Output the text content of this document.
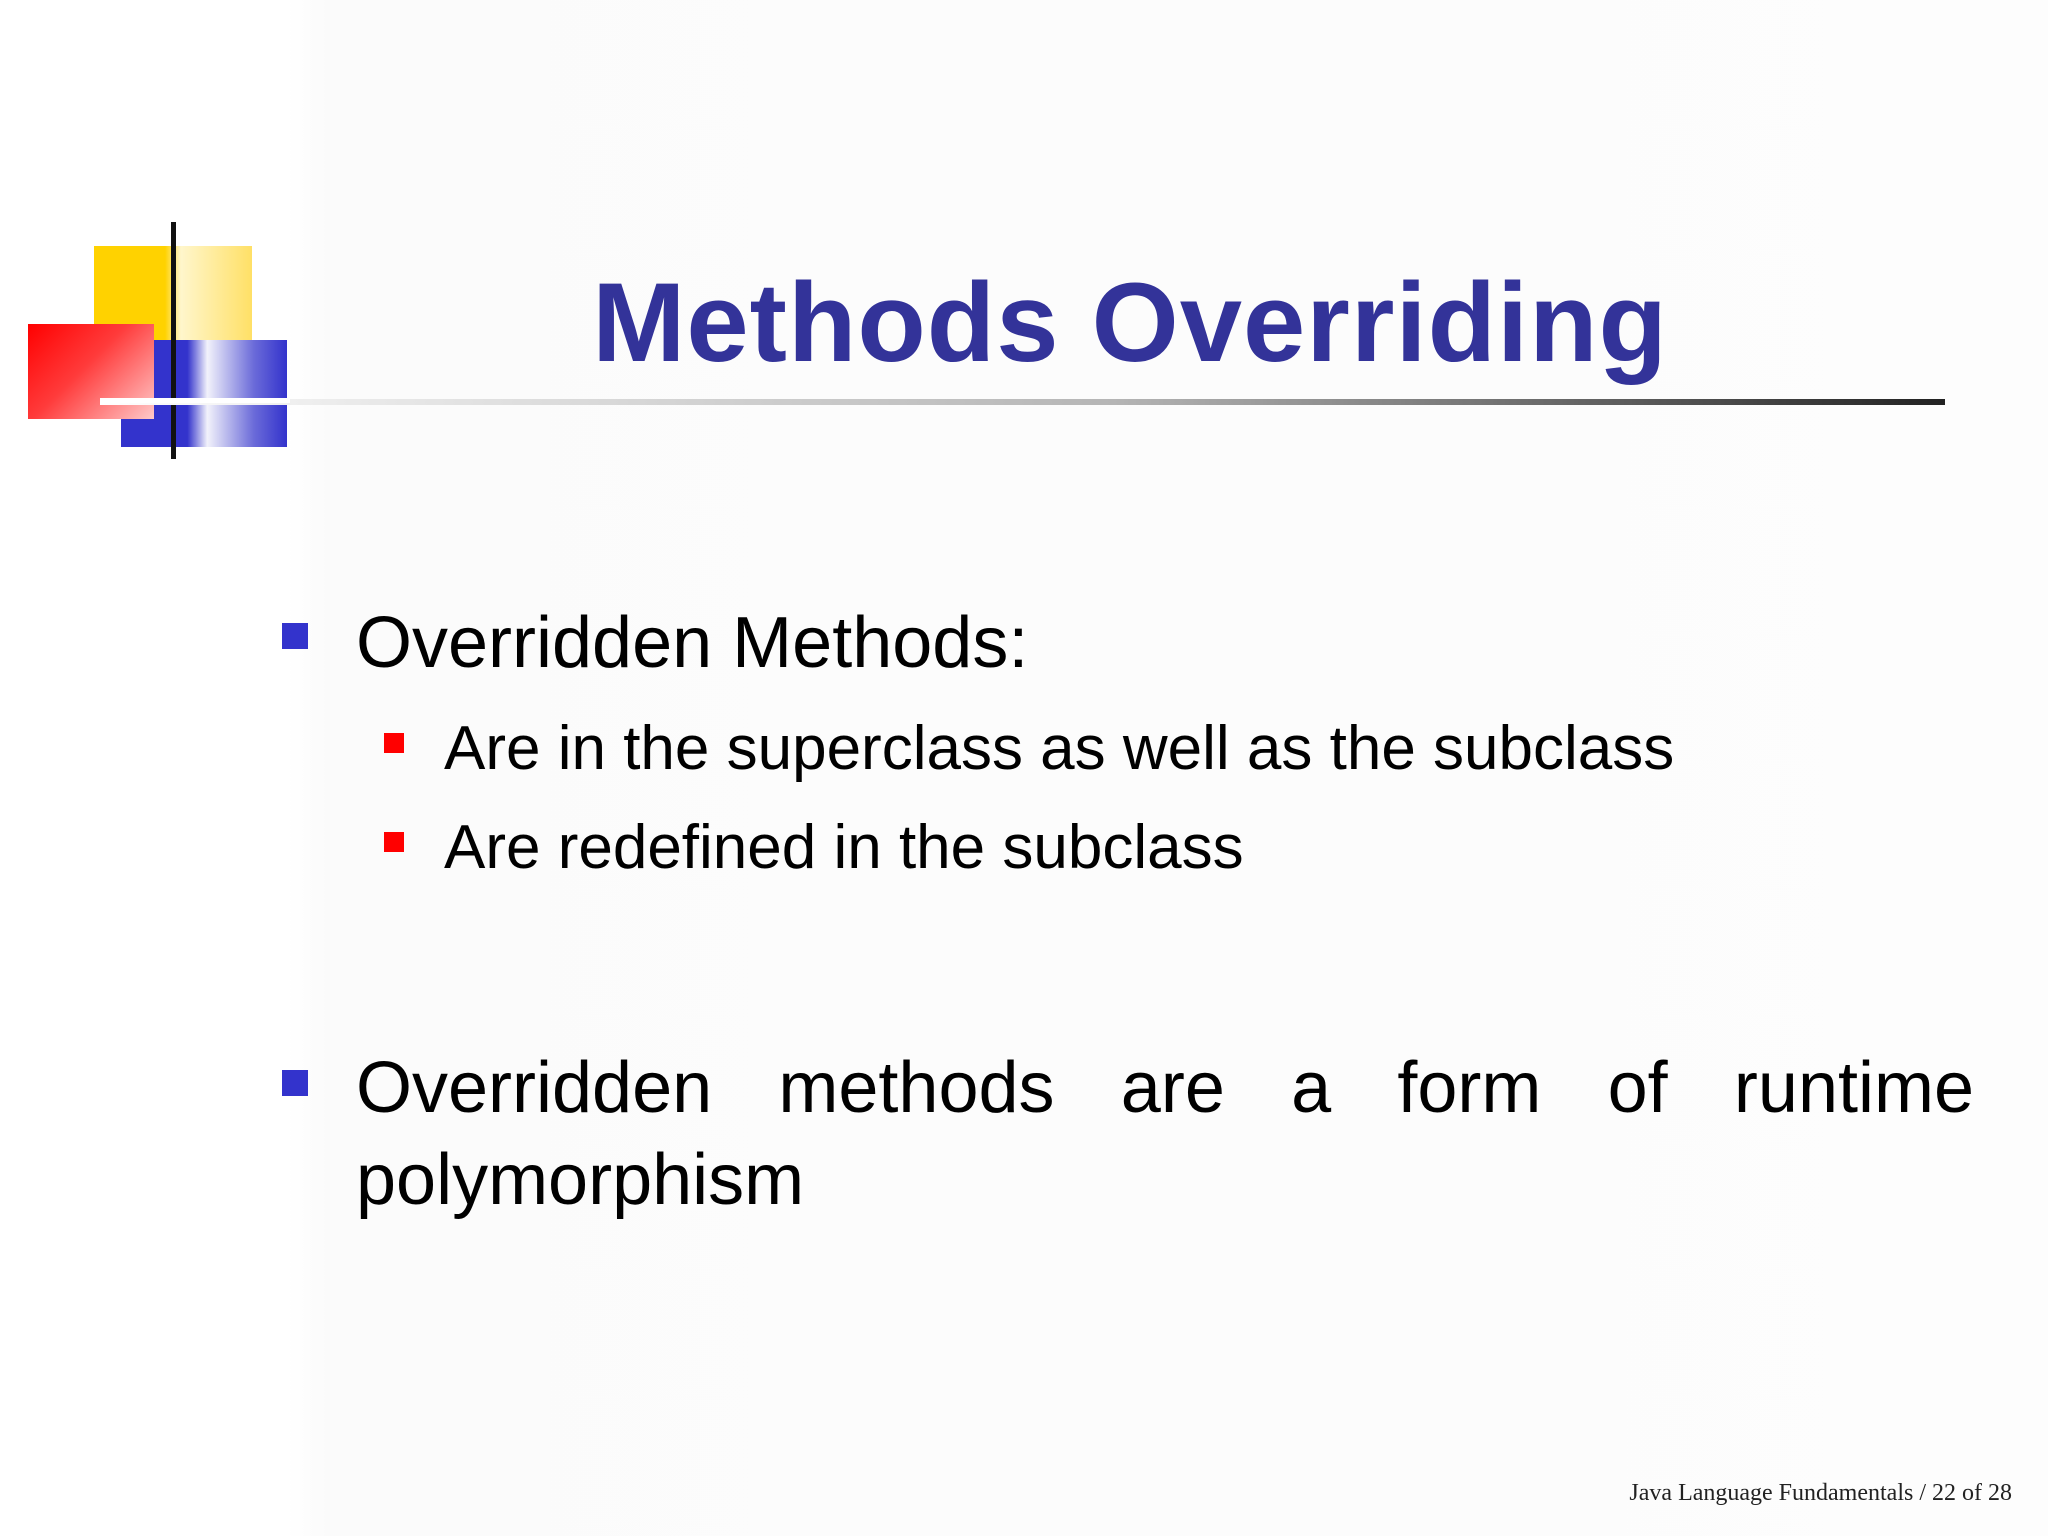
Methods Overriding
Overridden Methods:
Are in the superclass as well as the subclass
Are redefined in the subclass
Overridden methods are a form of runtime polymorphism
Java Language Fundamentals / 22 of 28
